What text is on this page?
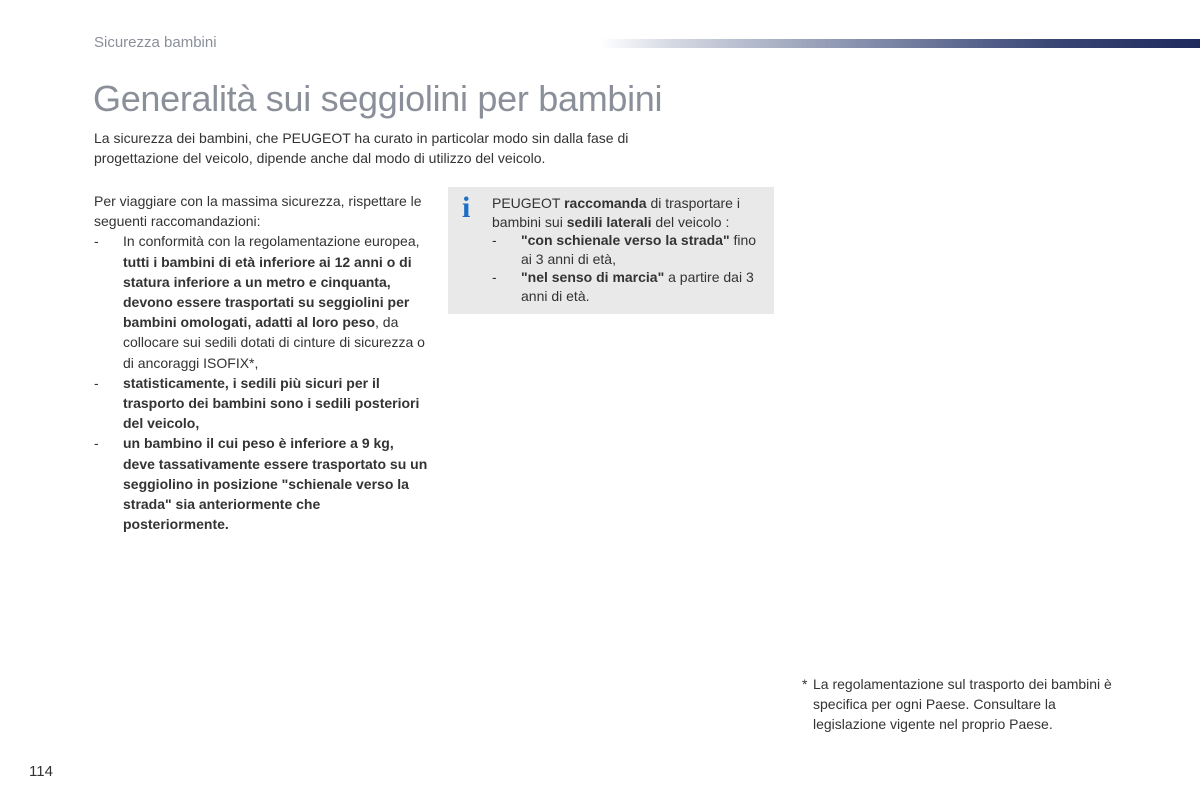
Sicurezza bambini
Generalità sui seggiolini per bambini
La sicurezza dei bambini, che PEUGEOT ha curato in particolar modo sin dalla fase di progettazione del veicolo, dipende anche dal modo di utilizzo del veicolo.

Per viaggiare con la massima sicurezza, rispettare le seguenti raccomandazioni:

- In conformità con la regolamentazione europea, tutti i bambini di età inferiore ai 12 anni o di statura inferiore a un metro e cinquanta, devono essere trasportati su seggiolini per bambini omologati, adatti al loro peso, da collocare sui sedili dotati di cinture di sicurezza o di ancoraggi ISOFIX*,

- statisticamente, i sedili più sicuri per il trasporto dei bambini sono i sedili posteriori del veicolo,

- un bambino il cui peso è inferiore a 9 kg, deve tassativamente essere trasportato su un seggiolino in posizione "schienale verso la strada" sia anteriormente che posteriormente.

i PEUGEOT raccomanda di trasportare i bambini sui sedili laterali del veicolo :

- "con schienale verso la strada" fino ai 3 anni di età,

- "nel senso di marcia" a partire dai 3 anni di età.

* La regolamentazione sul trasporto dei bambini è specifica per ogni Paese. Consultare la legislazione vigente nel proprio Paese.
114
